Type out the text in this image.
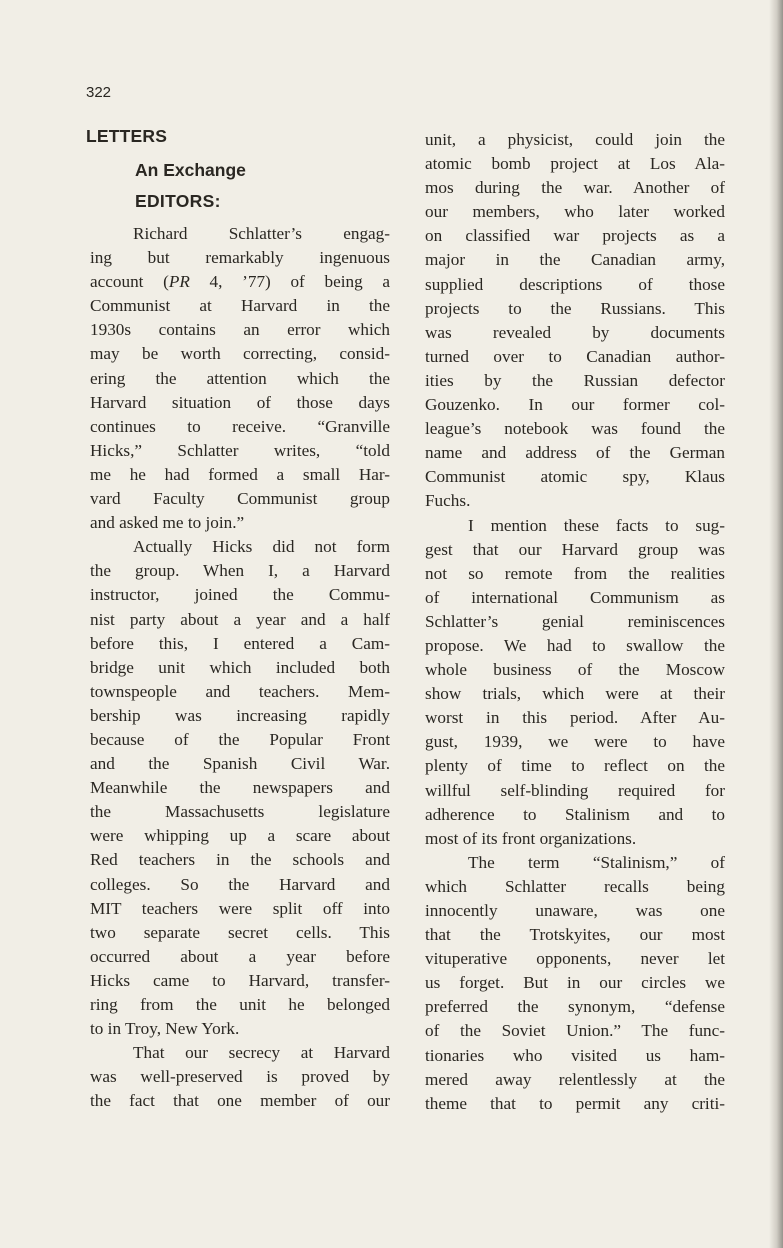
322
LETTERS
An Exchange
EDITORS:
Richard Schlatter’s engag-
ing but remarkably ingenuous
account (PR 4, ’77) of being a
Communist at Harvard in the
1930s contains an error which
may be worth correcting, consid-
ering the attention which the
Harvard situation of those days
continues to receive. “Granville
Hicks,” Schlatter writes, “told
me he had formed a small Har-
vard Faculty Communist group
and asked me to join.”
Actually Hicks did not form
the group. When I, a Harvard
instructor, joined the Commu-
nist party about a year and a half
before this, I entered a Cam-
bridge unit which included both
townspeople and teachers. Mem-
bership was increasing rapidly
because of the Popular Front
and the Spanish Civil War.
Meanwhile the newspapers and
the Massachusetts legislature
were whipping up a scare about
Red teachers in the schools and
colleges. So the Harvard and
MIT teachers were split off into
two separate secret cells. This
occurred about a year before
Hicks came to Harvard, transfer-
ring from the unit he belonged
to in Troy, New York.
That our secrecy at Harvard
was well-preserved is proved by
the fact that one member of our
unit, a physicist, could join the
atomic bomb project at Los Ala-
mos during the war. Another of
our members, who later worked
on classified war projects as a
major in the Canadian army,
supplied descriptions of those
projects to the Russians. This
was revealed by documents
turned over to Canadian author-
ities by the Russian defector
Gouzenko. In our former col-
league’s notebook was found the
name and address of the German
Communist atomic spy, Klaus
Fuchs.
I mention these facts to sug-
gest that our Harvard group was
not so remote from the realities
of international Communism as
Schlatter’s genial reminiscences
propose. We had to swallow the
whole business of the Moscow
show trials, which were at their
worst in this period. After Au-
gust, 1939, we were to have
plenty of time to reflect on the
willful self-blinding required for
adherence to Stalinism and to
most of its front organizations.
The term “Stalinism,” of
which Schlatter recalls being
innocently unaware, was one
that the Trotskyites, our most
vituperative opponents, never let
us forget. But in our circles we
preferred the synonym, “defense
of the Soviet Union.” The func-
tionaries who visited us ham-
mered away relentlessly at the
theme that to permit any criti-
